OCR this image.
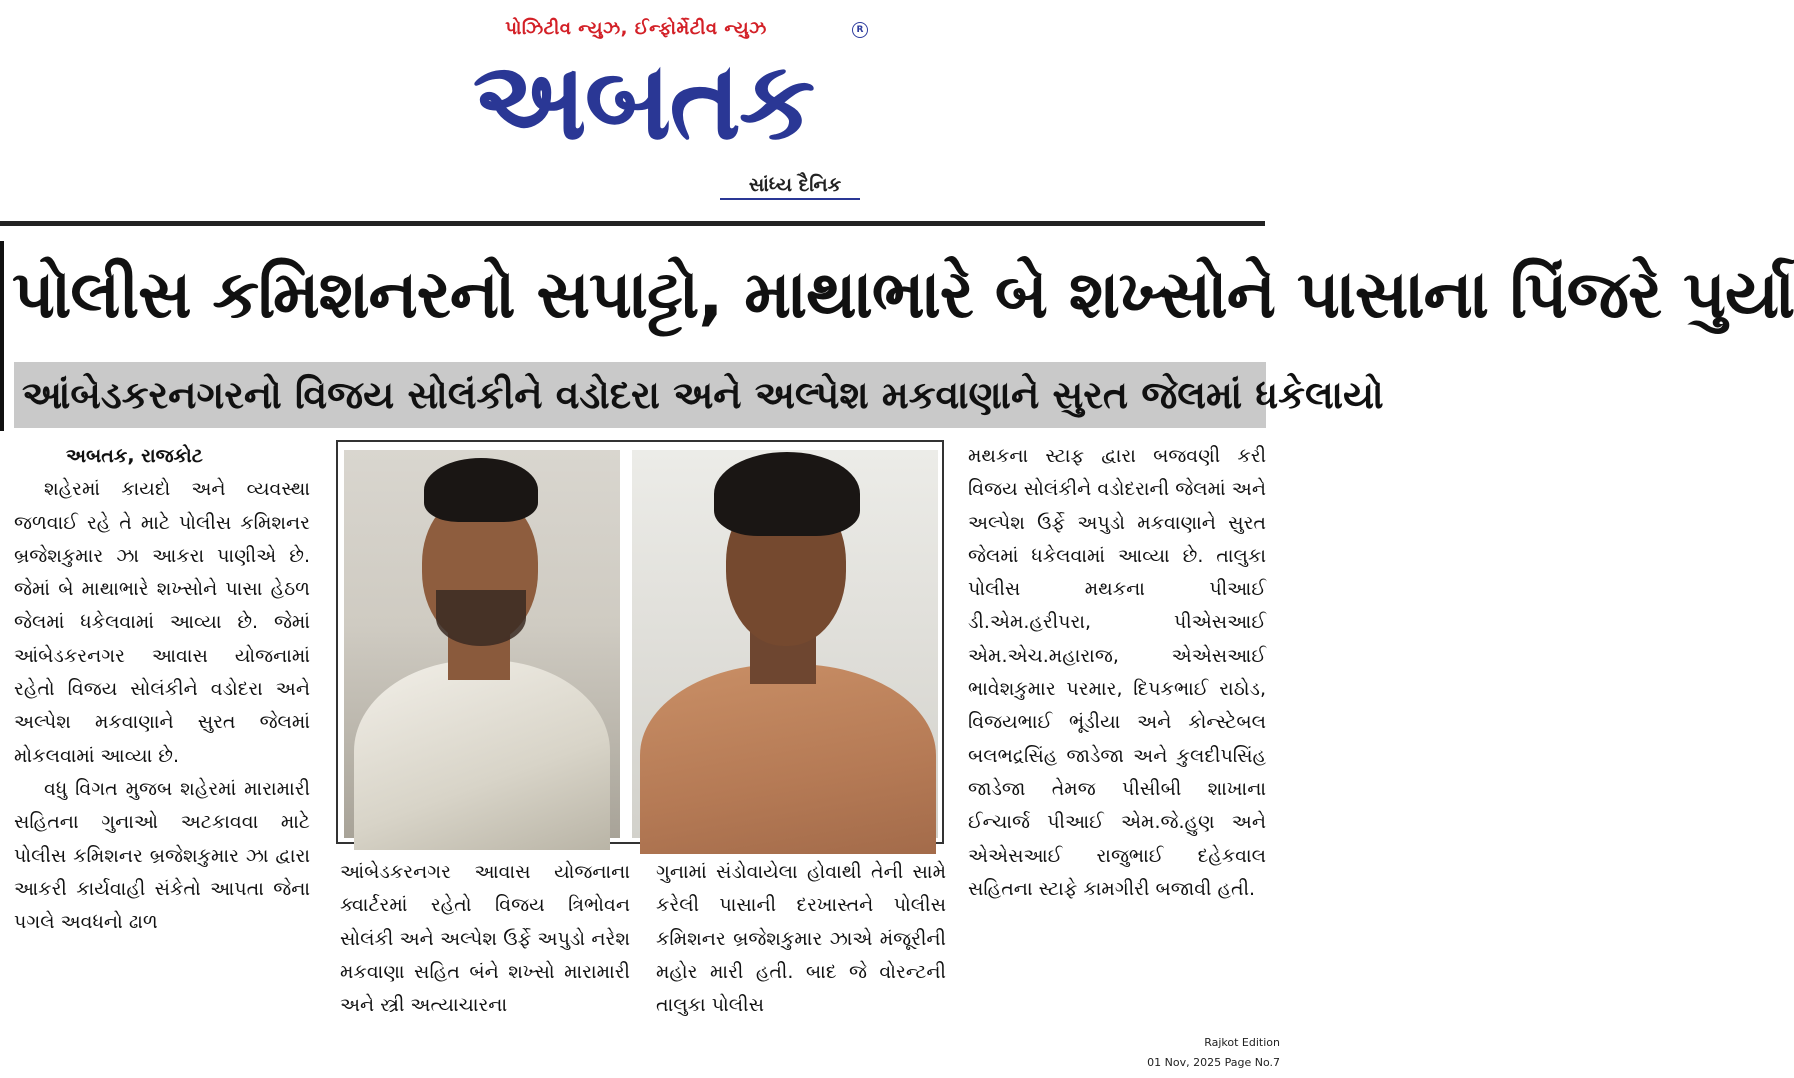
પોઝિટીવ ન્યુઝ, ઈન્ફોર્મેટીવ ન્યુઝ	R
અબતક
સાંધ્ય દૈનિક
પોલીસ કમિશનરનો સપાટ્ટો, માથાભારે બે શખ્સોને પાસાના પિંજરે પુર્યા
આંબેડકરનગરનો વિજય સોલંકીને વડોદરા અને અલ્પેશ મકવાણાને સુરત જેલમાં ધકેલાયો

અબતક, રાજકોટ

શહેરમાં કાયદો અને વ્યવસ્થા જળવાઈ રહે તે માટે પોલીસ કમિશનર બ્રજેશકુમાર ઝા આકરા પાણીએ છે. જેમાં બે માથાભારે શખ્સોને પાસા હેઠળ જેલમાં ધકેલવામાં આવ્યા છે. જેમાં આંબેડકરનગર આવાસ યોજનામાં રહેતો વિજય સોલંકીને વડોદરા અને અલ્પેશ મકવાણાને સુરત જેલમાં મોકલવામાં આવ્યા છે.

વધુ વિગત મુજબ શહેરમાં મારામારી સહિતના ગુનાઓ અટકાવવા માટે પોલીસ કમિશનર બ્રજેશકુમાર ઝા દ્વારા આકરી કાર્યવાહી સંકેતો આપતા જેના પગલે અવધનો ઢાળ

આંબેડકરનગર આવાસ યોજનાના ક્વાર્ટરમાં રહેતો વિજય ત્રિભોવન સોલંકી અને અલ્પેશ ઉર્ફે અપુડો નરેશ મકવાણા સહિત બંને શખ્સો મારામારી અને સ્ત્રી અત્યાચારના

ગુનામાં સંડોવાયેલા હોવાથી તેની સામે કરેલી પાસાની દરખાસ્તને પોલીસ કમિશનર બ્રજેશકુમાર ઝાએ મંજૂરીની મહોર મારી હતી. બાદ જે વોરન્ટની તાલુકા પોલીસ

મથકના સ્ટાફ દ્વારા બજવણી કરી વિજય સોલંકીને વડોદરાની જેલમાં અને અલ્પેશ ઉર્ફે અપુડો મકવાણાને સુરત જેલમાં ધકેલવામાં આવ્યા છે. તાલુકા પોલીસ મથકના પીઆઈ ડી.એમ.હરીપરા, પીએસઆઈ એમ.એચ.મહારાજ, એએસઆઈ ભાવેશકુમાર પરમાર, દિપકભાઈ રાઠોડ, વિજયભાઈ ભૂંડીયા અને કોન્સ્ટેબલ બલભદ્રસિંહ જાડેજા અને કુલદીપસિંહ જાડેજા તેમજ પીસીબી શાખાના ઈન્ચાર્જ પીઆઈ એમ.જે.હુણ અને એએસઆઈ રાજુભાઈ દહેકવાલ સહિતના સ્ટાફે કામગીરી બજાવી હતી.

Rajkot Edition
01 Nov, 2025 Page No.7
